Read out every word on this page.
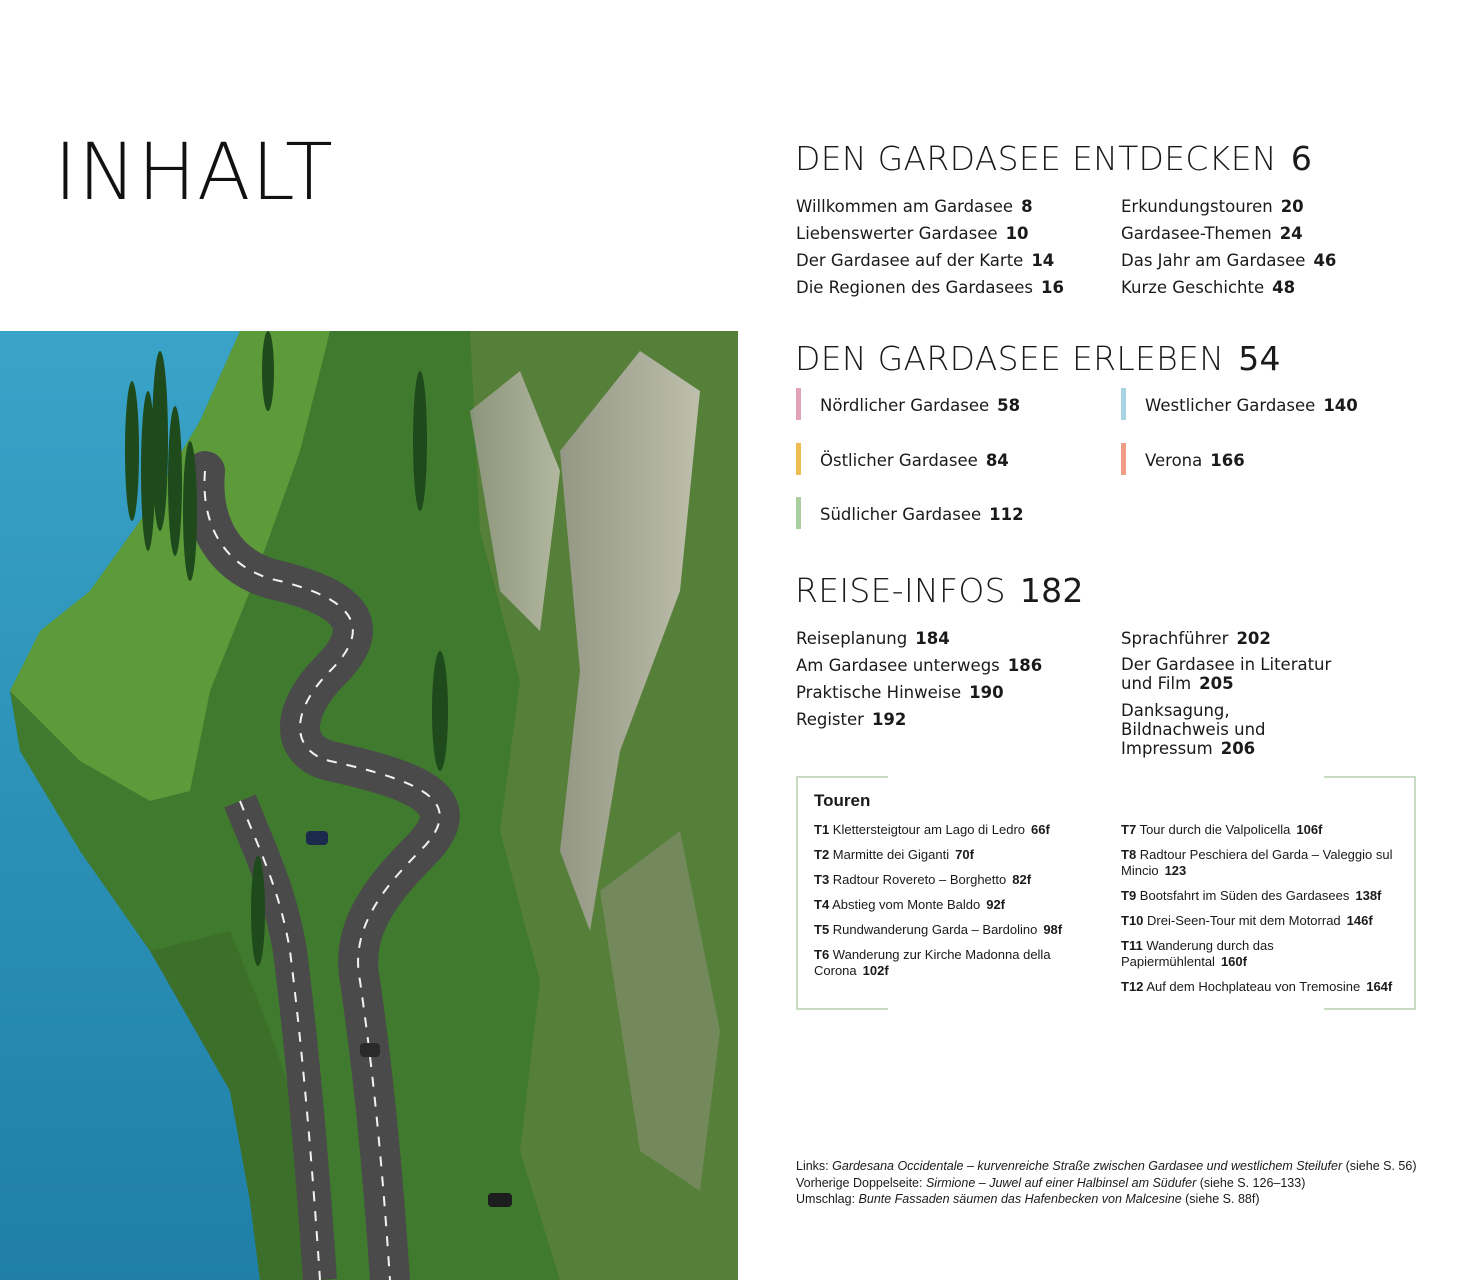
INHALT	DEN GARDASEE ENTDECKEN 6
Willkommen am Gardasee 8
Liebenswerter Gardasee 10
Der Gardasee auf der Karte 14
Die Regionen des Gardasees 16
Erkundungstouren 20
Gardasee-Themen 24
Das Jahr am Gardasee 46
Kurze Geschichte 48
DEN GARDASEE ERLEBEN 54
Nördlicher Gardasee 58	Westlicher Gardasee 140
Östlicher Gardasee 84	Verona 166
Südlicher Gardasee 112
REISE-INFOS 182
Reiseplanung 184
Am Gardasee unterwegs 186
Praktische Hinweise 190
Register 192
Sprachführer 202
Der Gardasee in Literatur und Film 205
Danksagung, Bildnachweis und Impressum 206
Touren
T1 Klettersteigtour am Lago di Ledro 66f
T2 Marmitte dei Giganti 70f
T3 Radtour Rovereto – Borghetto 82f
T4 Abstieg vom Monte Baldo 92f
T5 Rundwanderung Garda – Bardolino 98f
T6 Wanderung zur Kirche Madonna della Corona 102f
T7 Tour durch die Valpolicella 106f
T8 Radtour Peschiera del Garda – Valeggio sul Mincio 123
T9 Bootsfahrt im Süden des Gardasees 138f
T10 Drei-Seen-Tour mit dem Motorrad 146f
T11 Wanderung durch das Papiermühlental 160f
T12 Auf dem Hochplateau von Tremosine 164f
Links: Gardesana Occidentale – kurvenreiche Straße zwischen Gardasee und westlichem Steilufer (siehe S. 56)
Vorherige Doppelseite: Sirmione – Juwel auf einer Halbinsel am Südufer (siehe S. 126–133)
Umschlag: Bunte Fassaden säumen das Hafenbecken von Malcesine (siehe S. 88f)
